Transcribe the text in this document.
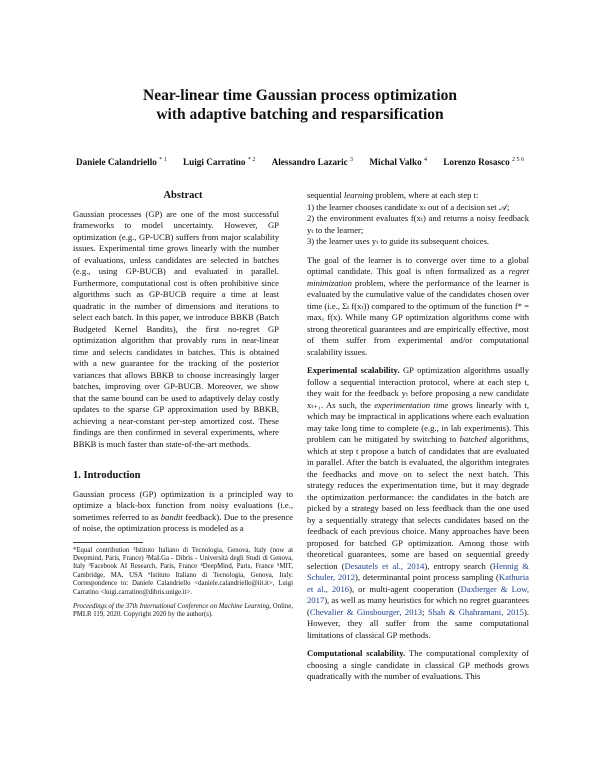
Near-linear time Gaussian process optimization
with adaptive batching and resparsification
Daniele Calandriello $^{* 1}$ Luigi Carratino $^{* 2}$ Alessandro Lazaric $^3$ Michal Valko $^4$ Lorenzo Rosasco $^{2 5 6}$
Abstract

Gaussian processes (GP) are one of the most successful frameworks to model uncertainty. However, GP optimization (e.g., GP-UCB) suffers from major scalability issues. Experimental time grows linearly with the number of evaluations, unless candidates are selected in batches (e.g., using GP-BUCB) and evaluated in parallel. Furthermore, computational cost is often prohibitive since algorithms such as GP-BUCB require a time at least quadratic in the number of dimensions and iterations to select each batch. In this paper, we introduce BBKB (Batch Budgeted Kernel Bandits), the first no-regret GP optimization algorithm that provably runs in near-linear time and selects candidates in batches. This is obtained with a new guarantee for the tracking of the posterior variances that allows BBKB to choose increasingly larger batches, improving over GP-BUCB. Moreover, we show that the same bound can be used to adaptively delay costly updates to the sparse GP approximation used by BBKB, achieving a near-constant per-step amortized cost. These findings are then confirmed in several experiments, where BBKB is much faster than state-of-the-art methods.

1. Introduction

Gaussian process (GP) optimization is a principled way to optimize a black-box function from noisy evaluations (i.e., sometimes referred to as bandit feedback). Due to the presence of noise, the optimization process is modeled as a

*Equal contribution ¹Istituto Italiano di Tecnologia, Genova, Italy (now at Deepmind, Paris, France) ²MaLGa - Dibris - Università degli Studi di Genova, Italy ³Facebook AI Research, Paris, France ⁴DeepMind, Paris, France ⁵MIT, Cambridge, MA, USA ⁶Istituto Italiano di Tecnologia, Genova, Italy. Correspondence to: Daniele Calandriello <daniele.calandriello@iit.it>, Luigi Carratino <luigi.carratino@dibris.unige.it>.
Proceedings of the 37th International Conference on Machine Learning, Online, PMLR 119, 2020. Copyright 2020 by the author(s).

sequential learning problem, where at each step t:
1) the learner chooses candidate xₜ out of a decision set 𝒜;
2) the environment evaluates f(xₜ) and returns a noisy feedback yₜ to the learner;
3) the learner uses yₜ to guide its subsequent choices.

The goal of the learner is to converge over time to a global optimal candidate. This goal is often formalized as a regret minimization problem, where the performance of the learner is evaluated by the cumulative value of the candidates chosen over time (i.e., Σₜ f(xₜ)) compared to the optimum of the function f* = maxₓ f(x). While many GP optimization algorithms come with strong theoretical guarantees and are empirically effective, most of them suffer from experimental and/or computational scalability issues.

Experimental scalability. GP optimization algorithms usually follow a sequential interaction protocol, where at each step t, they wait for the feedback yₜ before proposing a new candidate xₜ₊₁. As such, the experimentation time grows linearly with t, which may be impractical in applications where each evaluation may take long time to complete (e.g., in lab experiments). This problem can be mitigated by switching to batched algorithms, which at step t propose a batch of candidates that are evaluated in parallel. After the batch is evaluated, the algorithm integrates the feedbacks and move on to select the next batch. This strategy reduces the experimentation time, but it may degrade the optimization performance: the candidates in the batch are picked by a strategy based on less feedback than the one used by a sequentially strategy that selects candidates based on the feedback of each previous choice. Many approaches have been proposed for batched GP optimization. Among those with theoretical guarantees, some are based on sequential greedy selection (Desautels et al., 2014), entropy search (Hennig & Schuler, 2012), determinantal point process sampling (Kathuria et al., 2016), or multi-agent cooperation (Daxberger & Low, 2017), as well as many heuristics for which no regret guarantees (Chevalier & Ginsbourger, 2013; Shah & Ghahramani, 2015). However, they all suffer from the same computational limitations of classical GP methods.

Computational scalability. The computational complexity of choosing a single candidate in classical GP methods grows quadratically with the number of evaluations. This
